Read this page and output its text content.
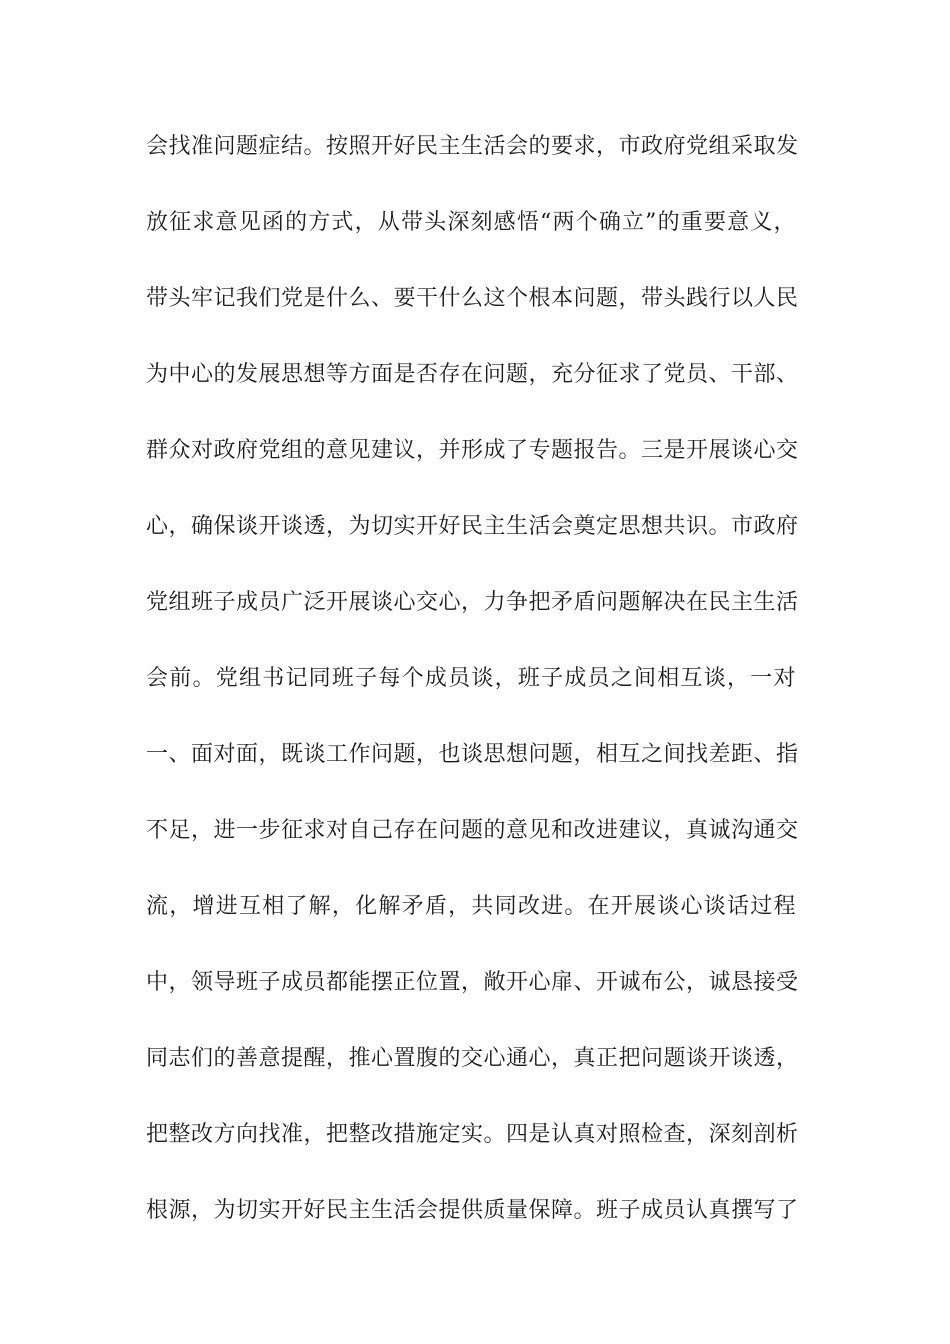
会找准问题症结。按照开好民主生活会的要求，市政府党组采取发
放征求意见函的方式，从带头深刻感悟“两个确立”的重要意义，
带头牢记我们党是什么、要干什么这个根本问题，带头践行以人民
为中心的发展思想等方面是否存在问题，充分征求了党员、干部、
群众对政府党组的意见建议，并形成了专题报告。三是开展谈心交
心，确保谈开谈透，为切实开好民主生活会奠定思想共识。市政府
党组班子成员广泛开展谈心交心，力争把矛盾问题解决在民主生活
会前。党组书记同班子每个成员谈，班子成员之间相互谈，一对
一、面对面，既谈工作问题，也谈思想问题，相互之间找差距、指
不足，进一步征求对自己存在问题的意见和改进建议，真诚沟通交
流，增进互相了解，化解矛盾，共同改进。在开展谈心谈话过程
中，领导班子成员都能摆正位置，敞开心扉、开诚布公，诚恳接受
同志们的善意提醒，推心置腹的交心通心，真正把问题谈开谈透，
把整改方向找准，把整改措施定实。四是认真对照检查，深刻剖析
根源，为切实开好民主生活会提供质量保障。班子成员认真撰写了
